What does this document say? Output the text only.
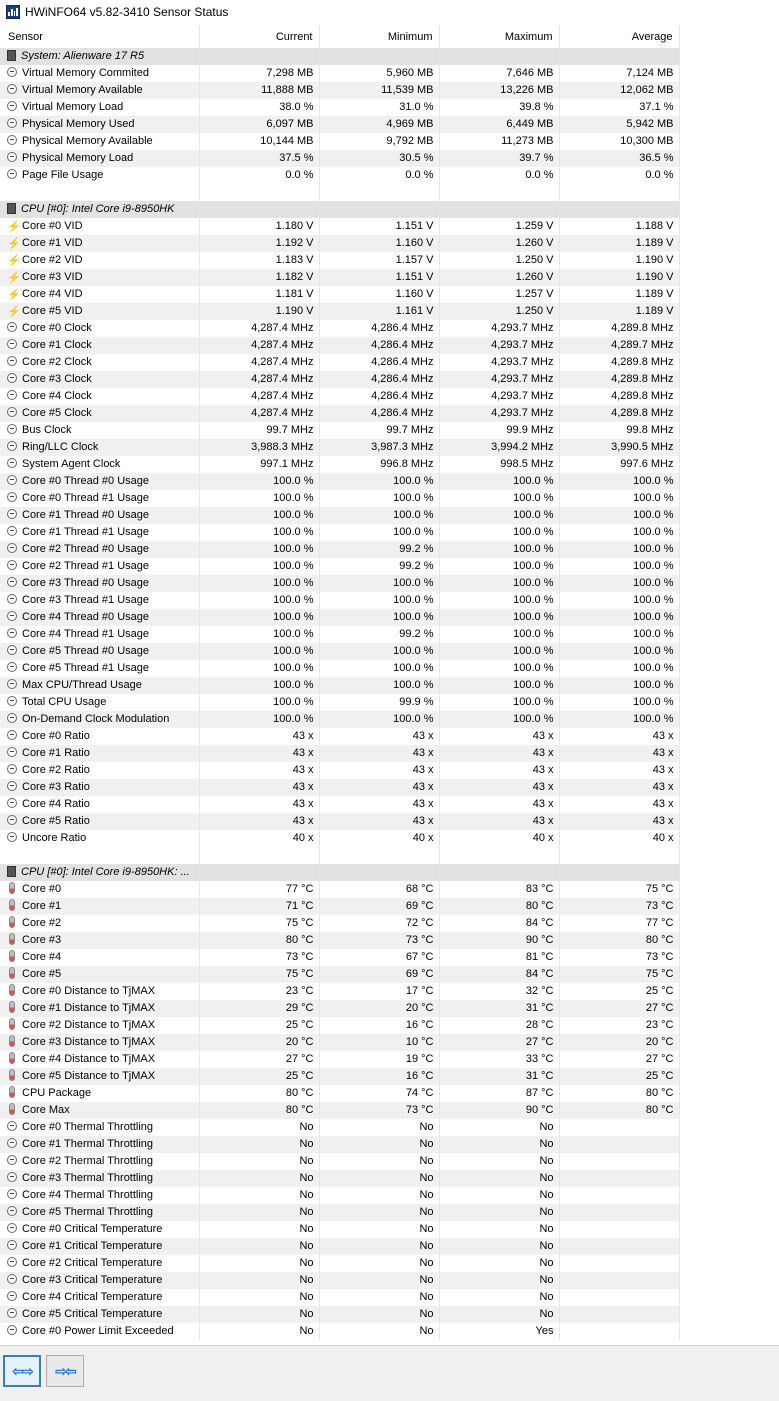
HWiNFO64 v5.82-3410 Sensor Status
Sensor	Current	Minimum	Maximum	Average
System: Alienware 17 R5				
Virtual Memory Commited	7,298 MB	5,960 MB	7,646 MB	7,124 MB
Virtual Memory Available	11,888 MB	11,539 MB	13,226 MB	12,062 MB
Virtual Memory Load	38.0 %	31.0 %	39.8 %	37.1 %
Physical Memory Used	6,097 MB	4,969 MB	6,449 MB	5,942 MB
Physical Memory Available	10,144 MB	9,792 MB	11,273 MB	10,300 MB
Physical Memory Load	37.5 %	30.5 %	39.7 %	36.5 %
Page File Usage	0.0 %	0.0 %	0.0 %	0.0 %

CPU [#0]: Intel Core i9-8950HK				
⚡Core #0 VID	1.180 V	1.151 V	1.259 V	1.188 V
⚡Core #1 VID	1.192 V	1.160 V	1.260 V	1.189 V
⚡Core #2 VID	1.183 V	1.157 V	1.250 V	1.190 V
⚡Core #3 VID	1.182 V	1.151 V	1.260 V	1.190 V
⚡Core #4 VID	1.181 V	1.160 V	1.257 V	1.189 V
⚡Core #5 VID	1.190 V	1.161 V	1.250 V	1.189 V
Core #0 Clock	4,287.4 MHz	4,286.4 MHz	4,293.7 MHz	4,289.8 MHz
Core #1 Clock	4,287.4 MHz	4,286.4 MHz	4,293.7 MHz	4,289.7 MHz
Core #2 Clock	4,287.4 MHz	4,286.4 MHz	4,293.7 MHz	4,289.8 MHz
Core #3 Clock	4,287.4 MHz	4,286.4 MHz	4,293.7 MHz	4,289.8 MHz
Core #4 Clock	4,287.4 MHz	4,286.4 MHz	4,293.7 MHz	4,289.8 MHz
Core #5 Clock	4,287.4 MHz	4,286.4 MHz	4,293.7 MHz	4,289.8 MHz
Bus Clock	99.7 MHz	99.7 MHz	99.9 MHz	99.8 MHz
Ring/LLC Clock	3,988.3 MHz	3,987.3 MHz	3,994.2 MHz	3,990.5 MHz
System Agent Clock	997.1 MHz	996.8 MHz	998.5 MHz	997.6 MHz
Core #0 Thread #0 Usage	100.0 %	100.0 %	100.0 %	100.0 %
Core #0 Thread #1 Usage	100.0 %	100.0 %	100.0 %	100.0 %
Core #1 Thread #0 Usage	100.0 %	100.0 %	100.0 %	100.0 %
Core #1 Thread #1 Usage	100.0 %	100.0 %	100.0 %	100.0 %
Core #2 Thread #0 Usage	100.0 %	99.2 %	100.0 %	100.0 %
Core #2 Thread #1 Usage	100.0 %	99.2 %	100.0 %	100.0 %
Core #3 Thread #0 Usage	100.0 %	100.0 %	100.0 %	100.0 %
Core #3 Thread #1 Usage	100.0 %	100.0 %	100.0 %	100.0 %
Core #4 Thread #0 Usage	100.0 %	100.0 %	100.0 %	100.0 %
Core #4 Thread #1 Usage	100.0 %	99.2 %	100.0 %	100.0 %
Core #5 Thread #0 Usage	100.0 %	100.0 %	100.0 %	100.0 %
Core #5 Thread #1 Usage	100.0 %	100.0 %	100.0 %	100.0 %
Max CPU/Thread Usage	100.0 %	100.0 %	100.0 %	100.0 %
Total CPU Usage	100.0 %	99.9 %	100.0 %	100.0 %
On-Demand Clock Modulation	100.0 %	100.0 %	100.0 %	100.0 %
Core #0 Ratio	43 x	43 x	43 x	43 x
Core #1 Ratio	43 x	43 x	43 x	43 x
Core #2 Ratio	43 x	43 x	43 x	43 x
Core #3 Ratio	43 x	43 x	43 x	43 x
Core #4 Ratio	43 x	43 x	43 x	43 x
Core #5 Ratio	43 x	43 x	43 x	43 x
Uncore Ratio	40 x	40 x	40 x	40 x

CPU [#0]: Intel Core i9-8950HK: ...				
Core #0	77 °C	68 °C	83 °C	75 °C
Core #1	71 °C	69 °C	80 °C	73 °C
Core #2	75 °C	72 °C	84 °C	77 °C
Core #3	80 °C	73 °C	90 °C	80 °C
Core #4	73 °C	67 °C	81 °C	73 °C
Core #5	75 °C	69 °C	84 °C	75 °C
Core #0 Distance to TjMAX	23 °C	17 °C	32 °C	25 °C
Core #1 Distance to TjMAX	29 °C	20 °C	31 °C	27 °C
Core #2 Distance to TjMAX	25 °C	16 °C	28 °C	23 °C
Core #3 Distance to TjMAX	20 °C	10 °C	27 °C	20 °C
Core #4 Distance to TjMAX	27 °C	19 °C	33 °C	27 °C
Core #5 Distance to TjMAX	25 °C	16 °C	31 °C	25 °C
CPU Package	80 °C	74 °C	87 °C	80 °C
Core Max	80 °C	73 °C	90 °C	80 °C
Core #0 Thermal Throttling	No	No	No	
Core #1 Thermal Throttling	No	No	No	
Core #2 Thermal Throttling	No	No	No	
Core #3 Thermal Throttling	No	No	No	
Core #4 Thermal Throttling	No	No	No	
Core #5 Thermal Throttling	No	No	No	
Core #0 Critical Temperature	No	No	No	
Core #1 Critical Temperature	No	No	No	
Core #2 Critical Temperature	No	No	No	
Core #3 Critical Temperature	No	No	No	
Core #4 Critical Temperature	No	No	No	
Core #5 Critical Temperature	No	No	No	
Core #0 Power Limit Exceeded	No	No	Yes	
⇦⇨ ⇨⇦
